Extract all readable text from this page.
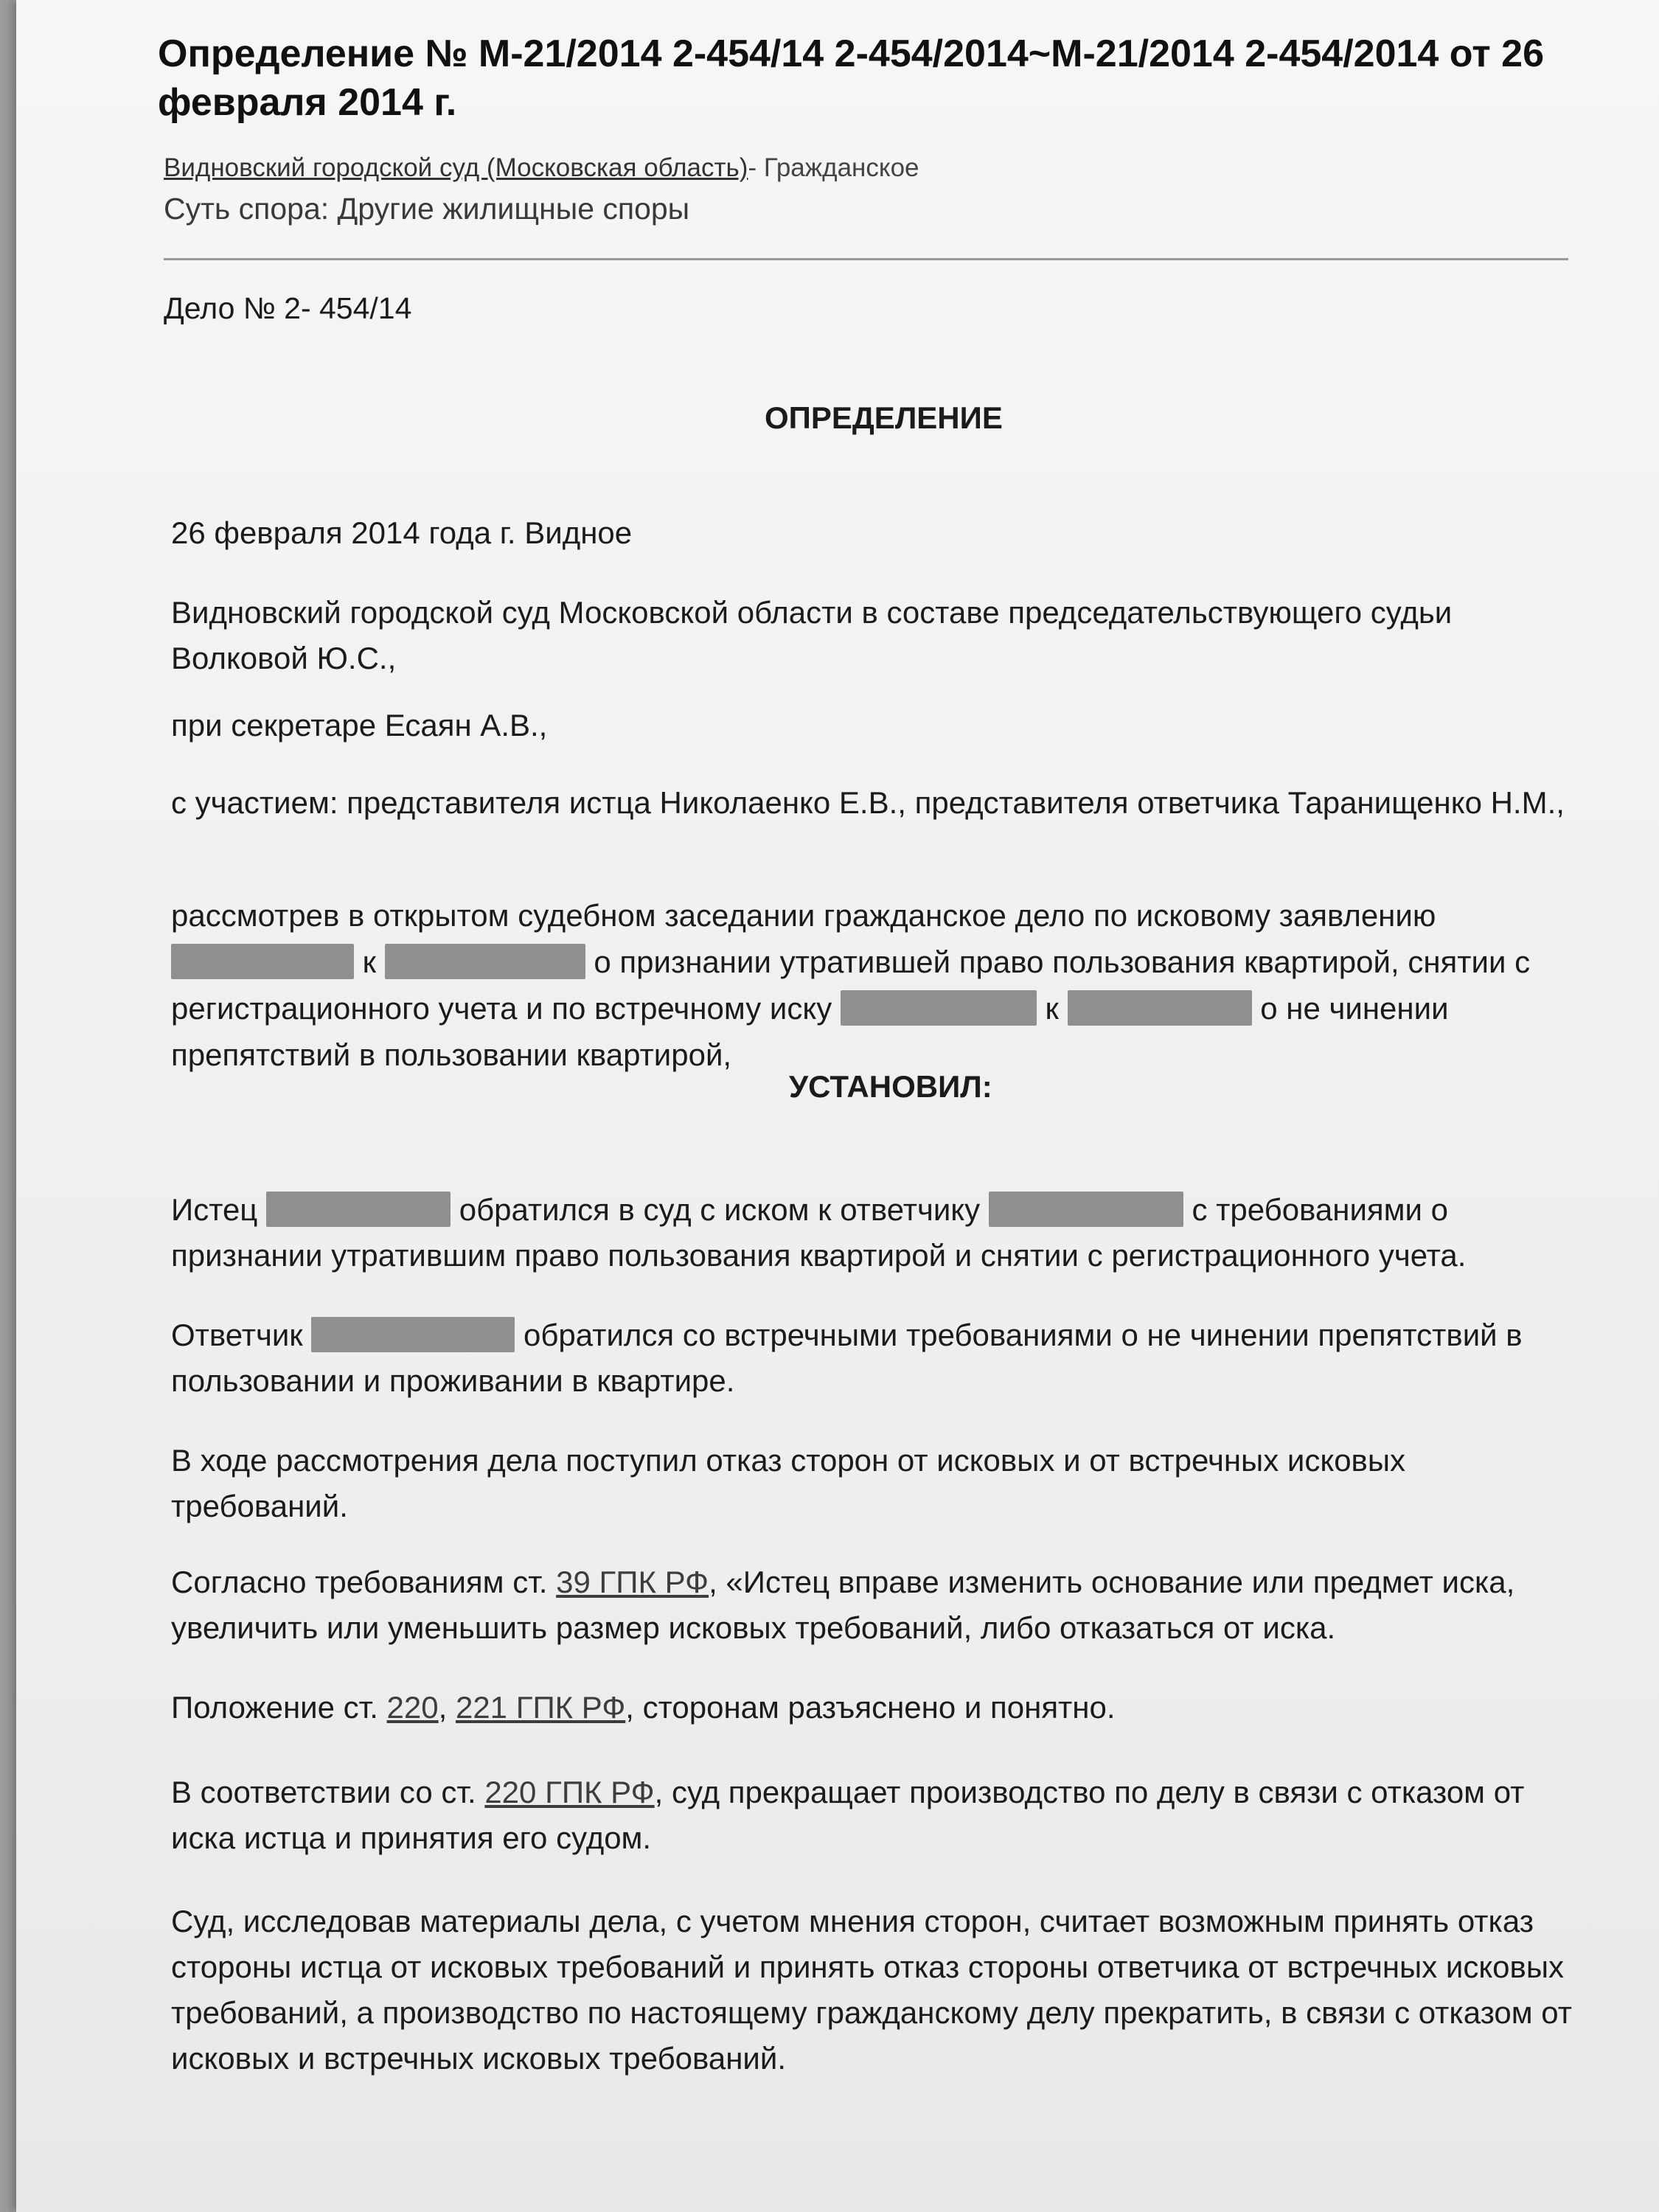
Определение № М-21/2014 2-454/14 2-454/2014~М-21/2014 2-454/2014 от 26 февраля 2014 г.
Видновский городской суд (Московская область)- Гражданское
Суть спора: Другие жилищные споры
Дело № 2- 454/14
ОПРЕДЕЛЕНИЕ

26 февраля 2014 года г. Видное

Видновский городской суд Московской области в составе председательствующего судьи Волковой Ю.С.,

при секретаре Есаян А.В.,

с участием: представителя истца Николаенко Е.В., представителя ответчика Таранищенко Н.М.,

рассмотрев в открытом судебном заседании гражданское дело по исковому заявлению  к	о признании утратившей право пользования квартирой, снятии с регистрационного учета и по встречному иску	к	о не чинении препятствий в пользовании квартирой,

УСТАНОВИЛ:

Истец	обратился в суд с иском к ответчику	с требованиями о признании утратившим право пользования квартирой и снятии с регистрационного учета.

Ответчик	обратился со встречными требованиями о не чинении препятствий в пользовании и проживании в квартире.

В ходе рассмотрения дела поступил отказ сторон от исковых и от встречных исковых требований.

Согласно требованиям ст. 39 ГПК РФ, «Истец вправе изменить основание или предмет иска, увеличить или уменьшить размер исковых требований, либо отказаться от иска.

Положение ст. 220, 221 ГПК РФ, сторонам разъяснено и понятно.

В соответствии со ст. 220 ГПК РФ, суд прекращает производство по делу в связи с отказом от иска истца и принятия его судом.

Суд, исследовав материалы дела, с учетом мнения сторон, считает возможным принять отказ стороны истца от исковых требований и принять отказ стороны ответчика от встречных исковых требований, а производство по настоящему гражданскому делу прекратить, в связи с отказом от исковых и встречных исковых требований.
